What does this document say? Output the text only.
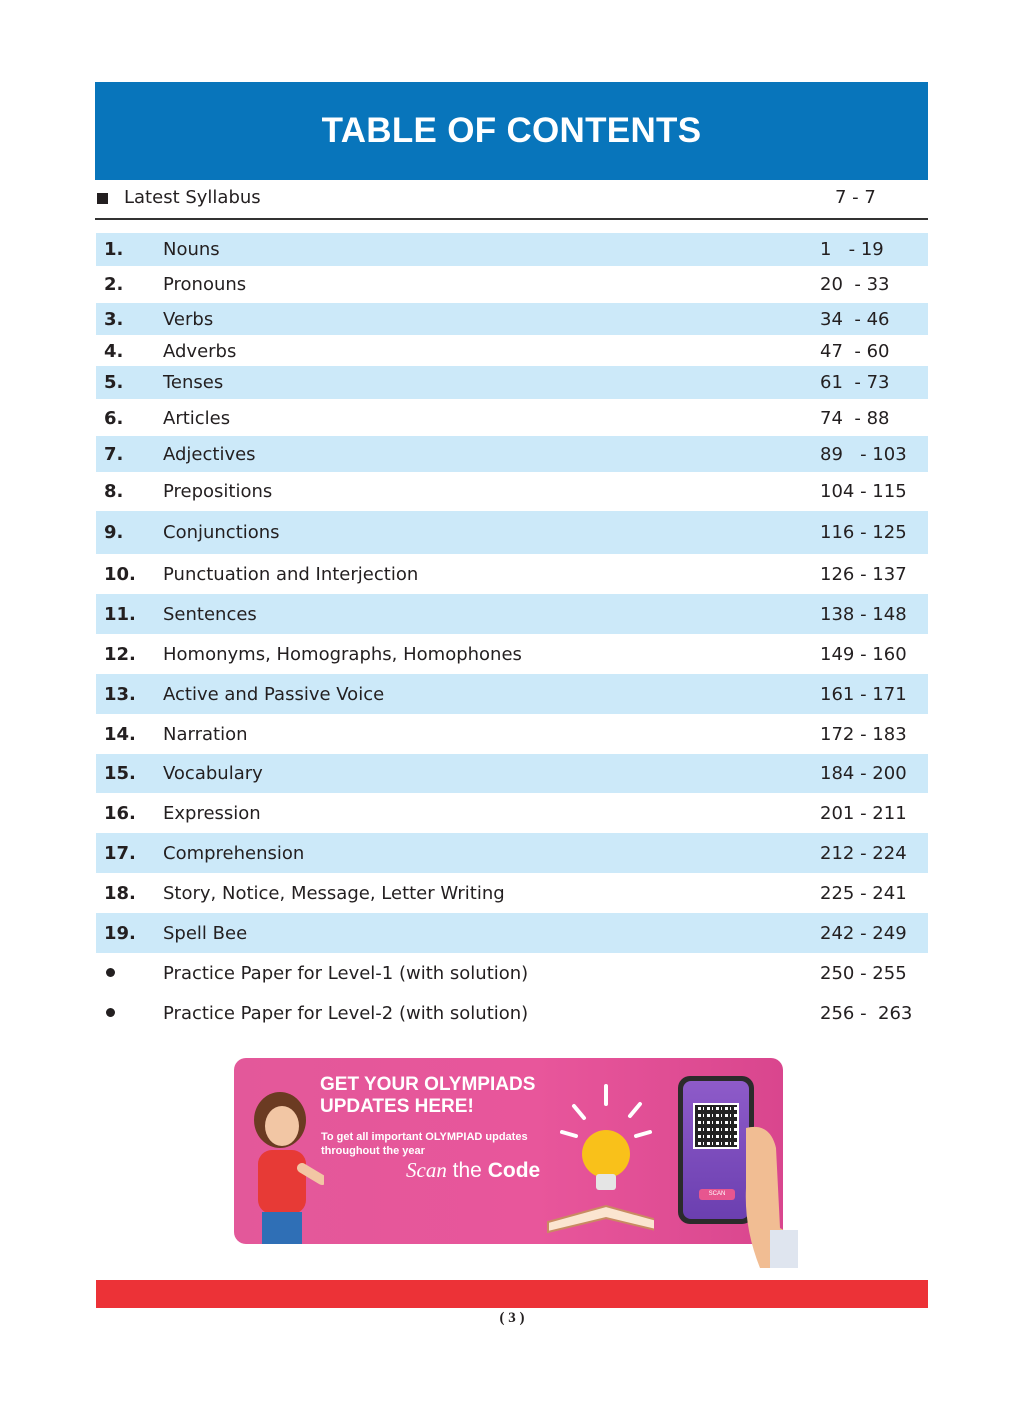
TABLE OF CONTENTS
Latest Syllabus	7 - 7
1. Nouns	1   - 19
2. Pronouns	20  - 33
3. Verbs	34  - 46
4. Adverbs	47  - 60
5. Tenses	61  - 73
6. Articles	74  - 88
7. Adjectives	89   - 103
8. Prepositions	104 - 115
9. Conjunctions	116 - 125
10. Punctuation and Interjection	126 - 137
11. Sentences	138 - 148
12. Homonyms, Homographs, Homophones	149 - 160
13. Active and Passive Voice	161 - 171
14. Narration	172 - 183
15. Vocabulary	184 - 200
16. Expression	201 - 211
17. Comprehension	212 - 224
18. Story, Notice, Message, Letter Writing	225 - 241
19. Spell Bee	242 - 249
Practice Paper for Level-1 (with solution)	250 - 255
Practice Paper for Level-2 (with solution)	256 -  263
GET YOUR OLYMPIADS UPDATES HERE!
To get all important OLYMPIAD updates throughout the year
Scan the Code
SCAN
( 3 )
